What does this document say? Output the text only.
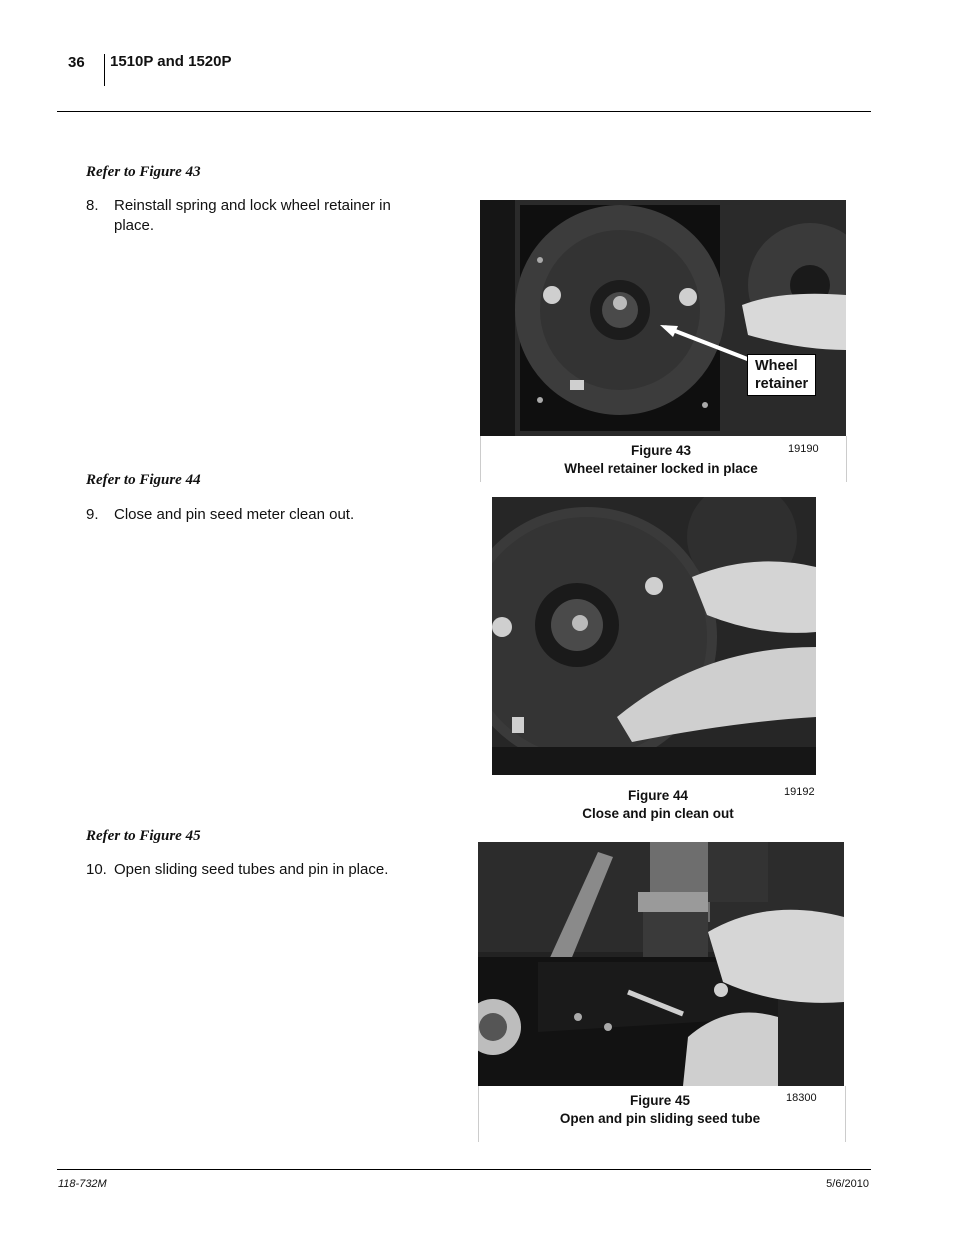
36 1510P and 1520P
Refer to Figure 43
8. Reinstall spring and lock wheel retainer in place.
Wheel
retainer
Figure 43
Wheel retainer locked in place
19190
Refer to Figure 44
9. Close and pin seed meter clean out.
Figure 44
Close and pin clean out
19192
Refer to Figure 45
10. Open sliding seed tubes and pin in place.
Figure 45
Open and pin sliding seed tube
18300
118-732M	5/6/2010
